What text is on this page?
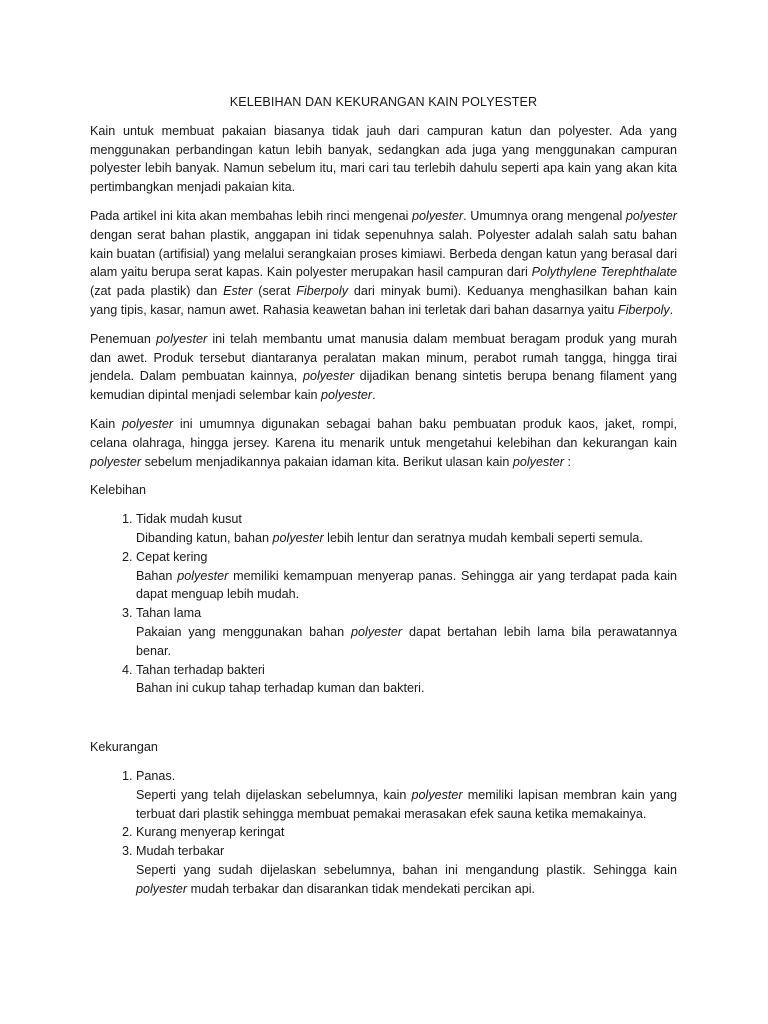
KELEBIHAN DAN KEKURANGAN KAIN POLYESTER

Kain untuk membuat pakaian biasanya tidak jauh dari campuran katun dan polyester. Ada yang menggunakan perbandingan katun lebih banyak, sedangkan ada juga yang menggunakan campuran polyester lebih banyak. Namun sebelum itu, mari cari tau terlebih dahulu seperti apa kain yang akan kita pertimbangkan menjadi pakaian kita.

Pada artikel ini kita akan membahas lebih rinci mengenai polyester. Umumnya orang mengenal polyester dengan serat bahan plastik, anggapan ini tidak sepenuhnya salah. Polyester adalah salah satu bahan kain buatan (artifisial) yang melalui serangkaian proses kimiawi. Berbeda dengan katun yang berasal dari alam yaitu berupa serat kapas. Kain polyester merupakan hasil campuran dari Polythylene Terephthalate (zat pada plastik) dan Ester (serat Fiberpoly dari minyak bumi). Keduanya menghasilkan bahan kain yang tipis, kasar, namun awet. Rahasia keawetan bahan ini terletak dari bahan dasarnya yaitu Fiberpoly.

Penemuan polyester ini telah membantu umat manusia dalam membuat beragam produk yang murah dan awet. Produk tersebut diantaranya peralatan makan minum, perabot rumah tangga, hingga tirai jendela. Dalam pembuatan kainnya, polyester dijadikan benang sintetis berupa benang filament yang kemudian dipintal menjadi selembar kain polyester.

Kain polyester ini umumnya digunakan sebagai bahan baku pembuatan produk kaos, jaket, rompi, celana olahraga, hingga jersey. Karena itu menarik untuk mengetahui kelebihan dan kekurangan kain polyester sebelum menjadikannya pakaian idaman kita. Berikut ulasan kain polyester :

Kelebihan
1. Tidak mudah kusut
Dibanding katun, bahan polyester lebih lentur dan seratnya mudah kembali seperti semula.
2. Cepat kering
Bahan polyester memiliki kemampuan menyerap panas. Sehingga air yang terdapat pada kain dapat menguap lebih mudah.
3. Tahan lama
Pakaian yang menggunakan bahan polyester dapat bertahan lebih lama bila perawatannya benar.
4. Tahan terhadap bakteri
Bahan ini cukup tahap terhadap kuman dan bakteri.
Kekurangan
1. Panas.
Seperti yang telah dijelaskan sebelumnya, kain polyester memiliki lapisan membran kain yang terbuat dari plastik sehingga membuat pemakai merasakan efek sauna ketika memakainya.
2. Kurang menyerap keringat
3. Mudah terbakar
Seperti yang sudah dijelaskan sebelumnya, bahan ini mengandung plastik. Sehingga kain polyester mudah terbakar dan disarankan tidak mendekati percikan api.
